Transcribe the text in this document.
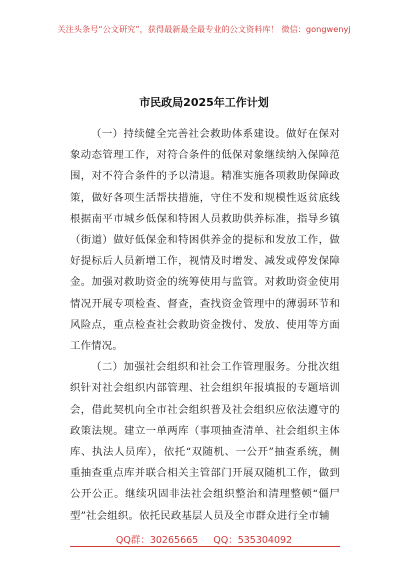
关注头条号“公文研究”，获得最新最全最专业的公文资料库！ 微信：gongwenyj
市民政局2025年工作计划

（一）持续健全完善社会救助体系建设。做好在保对象动态管理工作，对符合条件的低保对象继续纳入保障范围，对不符合条件的予以清退。精准实施各项救助保障政策，做好各项生活帮扶措施，守住不发和规模性返贫底线根据南平市城乡低保和特困人员救助供养标准，指导乡镇（街道）做好低保金和特困供养金的提标和发放工作，做好提标后人员新增工作，视情及时增发、减发或停发保障金。加强对救助资金的统筹使用与监管。对救助资金使用情况开展专项检查、督查，查找资金管理中的薄弱环节和风险点，重点检查社会救助资金拨付、发放、使用等方面工作情况。

（二）加强社会组织和社会工作管理服务。分批次组织针对社会组织内部管理、社会组织年报填报的专题培训会，借此契机向全市社会组织普及社会组织应依法遵守的政策法规。建立一单两库（事项抽查清单、社会组织主体库、执法人员库），依托“双随机、一公开”抽查系统，侧重抽查重点库并联合相关主管部门开展双随机工作，做到公开公正。继续巩固非法社会组织整治和清理整顿“僵尸型”社会组织。依托民政基层人员及全市群众进行全市辅

QQ群：30265665 QQ：535304092
